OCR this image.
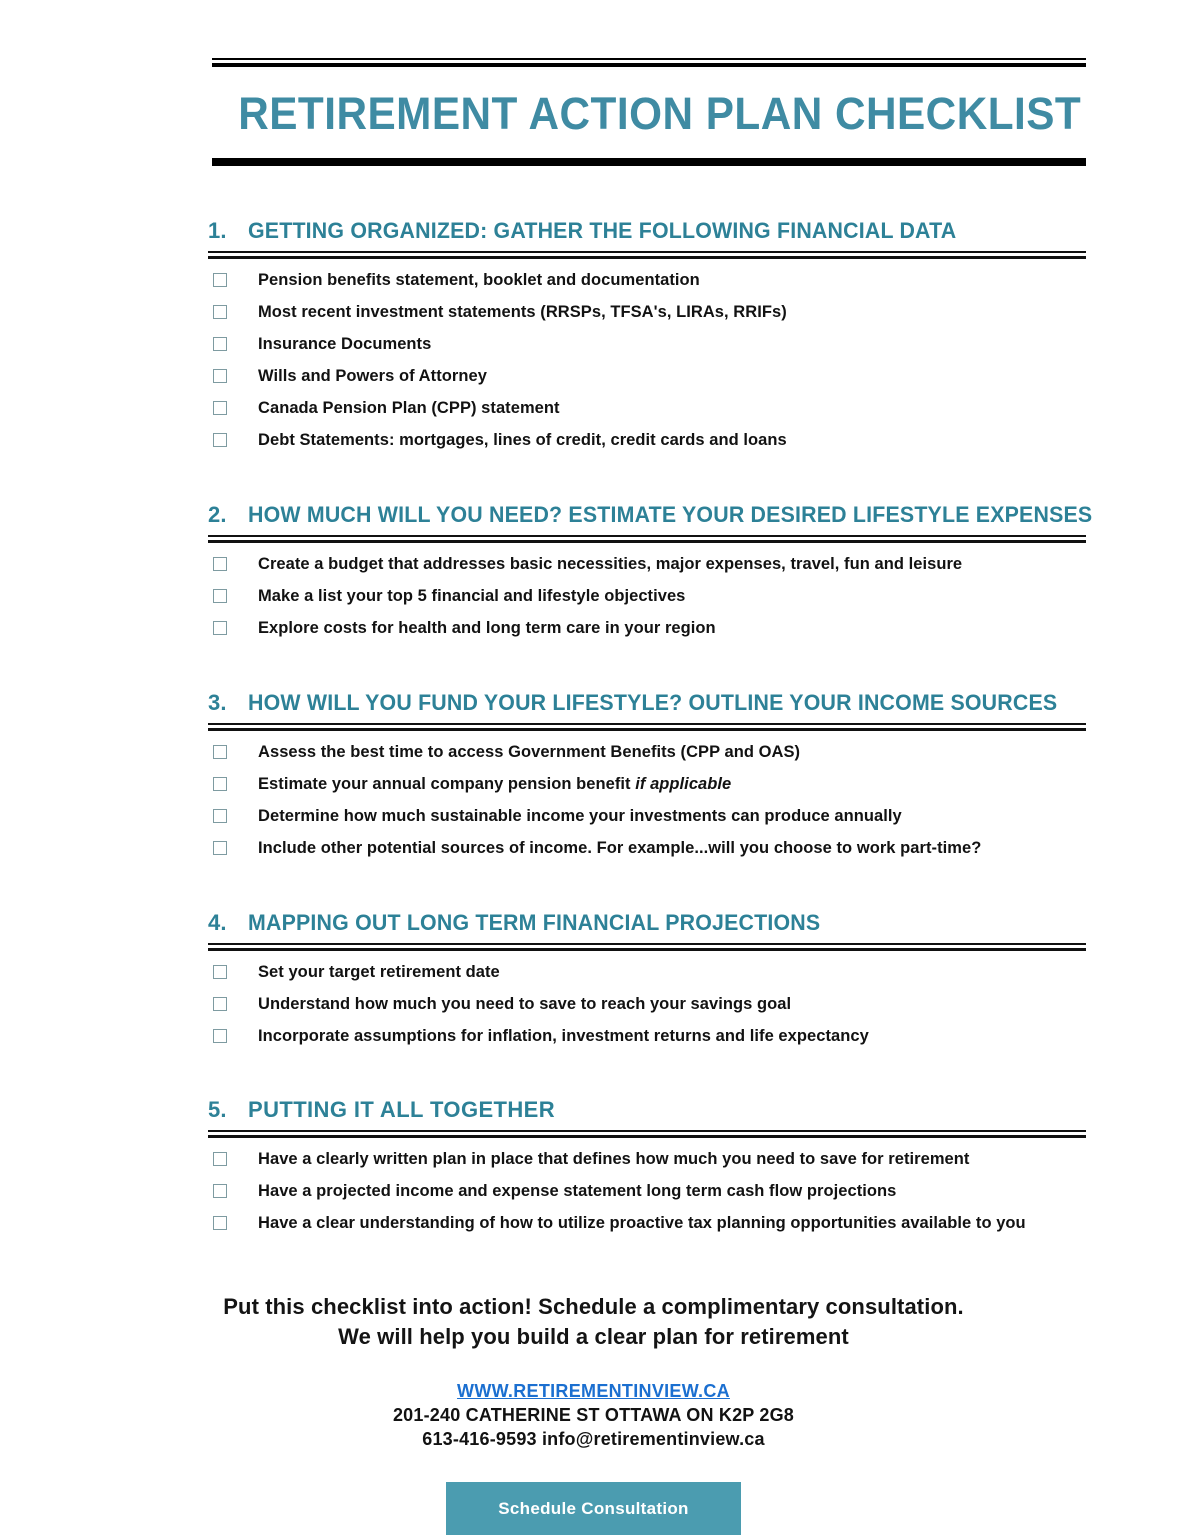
RETIREMENT ACTION PLAN CHECKLIST
1. GETTING ORGANIZED: GATHER THE FOLLOWING FINANCIAL DATA
Pension benefits statement, booklet and documentation
Most recent investment statements (RRSPs, TFSA's, LIRAs, RRIFs)
Insurance Documents
Wills and Powers of Attorney
Canada Pension Plan (CPP) statement
Debt Statements: mortgages, lines of credit, credit cards and loans
2. HOW MUCH WILL YOU NEED? ESTIMATE YOUR DESIRED LIFESTYLE EXPENSES
Create a budget that addresses basic necessities, major expenses, travel, fun and leisure
Make a list your top 5 financial and lifestyle objectives
Explore costs for health and long term care in your region
3. HOW WILL YOU FUND YOUR LIFESTYLE? OUTLINE YOUR INCOME SOURCES
Assess the best time to access Government Benefits (CPP and OAS)
Estimate your annual company pension benefit if applicable
Determine how much sustainable income your investments can produce annually
Include other potential sources of income. For example...will you choose to work part-time?
4. MAPPING OUT LONG TERM FINANCIAL PROJECTIONS
Set your target retirement date
Understand how much you need to save to reach your savings goal
Incorporate assumptions for inflation, investment returns and life expectancy
5. PUTTING IT ALL TOGETHER
Have a clearly written plan in place that defines how much you need to save for retirement
Have a projected income and expense statement long term cash flow projections
Have a clear understanding of how to utilize proactive tax planning opportunities available to you

Put this checklist into action! Schedule a complimentary consultation.

We will help you build a clear plan for retirement

WWW.RETIREMENTINVIEW.CA
201-240 CATHERINE ST OTTAWA ON K2P 2G8
613-416-9593 info@retirementinview.ca
Schedule Consultation
